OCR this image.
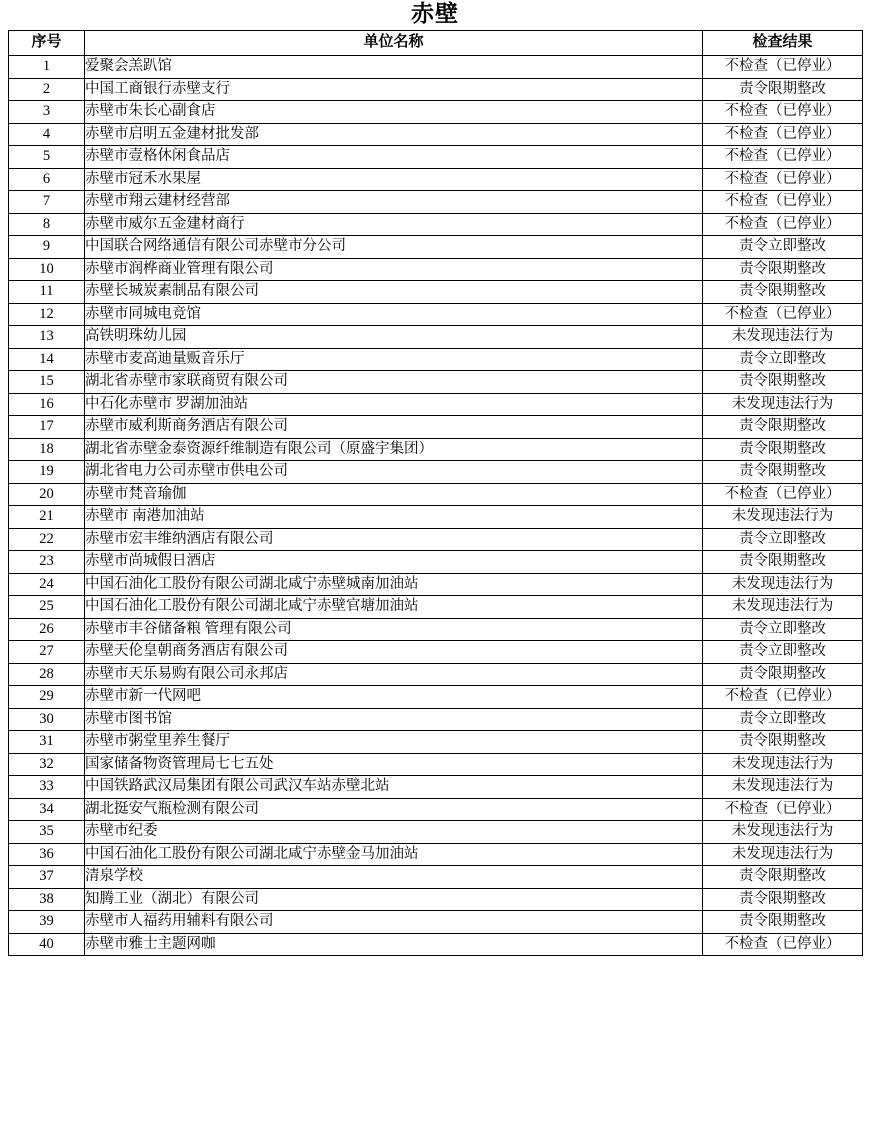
赤壁
序号	单位名称	检查结果
1	爱聚会羔趴馆	不检查（已停业）
2	中国工商银行赤壁支行	责令限期整改
3	赤壁市朱长心副食店	不检查（已停业）
4	赤壁市启明五金建材批发部	不检查（已停业）
5	赤壁市壹格休闲食品店	不检查（已停业）
6	赤壁市冠禾水果屋	不检查（已停业）
7	赤壁市翔云建材经营部	不检查（已停业）
8	赤壁市威尔五金建材商行	不检查（已停业）
9	中国联合网络通信有限公司赤壁市分公司	责令立即整改
10	赤壁市润桦商业管理有限公司	责令限期整改
11	赤壁长城炭素制品有限公司	责令限期整改
12	赤壁市同城电竞馆	不检查（已停业）
13	高铁明珠幼儿园	未发现违法行为
14	赤壁市麦高迪量贩音乐厅	责令立即整改
15	湖北省赤壁市家联商贸有限公司	责令限期整改
16	中石化赤壁市 罗湖加油站	未发现违法行为
17	赤壁市威利斯商务酒店有限公司	责令限期整改
18	湖北省赤壁金泰资源纤维制造有限公司（原盛宇集团）	责令限期整改
19	湖北省电力公司赤壁市供电公司	责令限期整改
20	赤壁市梵音瑜伽	不检查（已停业）
21	赤壁市 南港加油站	未发现违法行为
22	赤壁市宏丰维纳酒店有限公司	责令立即整改
23	赤壁市尚城假日酒店	责令限期整改
24	中国石油化工股份有限公司湖北咸宁赤壁城南加油站	未发现违法行为
25	中国石油化工股份有限公司湖北咸宁赤壁官塘加油站	未发现违法行为
26	赤壁市丰谷储备粮 管理有限公司	责令立即整改
27	赤壁天伦皇朝商务酒店有限公司	责令立即整改
28	赤壁市天乐易购有限公司永邦店	责令限期整改
29	赤壁市新一代网吧	不检查（已停业）
30	赤壁市图书馆	责令立即整改
31	赤壁市粥堂里养生餐厅	责令限期整改
32	国家储备物资管理局七七五处	未发现违法行为
33	中国铁路武汉局集团有限公司武汉车站赤壁北站	未发现违法行为
34	湖北挺安气瓶检测有限公司	不检查（已停业）
35	赤壁市纪委	未发现违法行为
36	中国石油化工股份有限公司湖北咸宁赤壁金马加油站	未发现违法行为
37	清泉学校	责令限期整改
38	知腾工业（湖北）有限公司	责令限期整改
39	赤壁市人福药用辅料有限公司	责令限期整改
40	赤壁市雅士主题网咖	不检查（已停业）
